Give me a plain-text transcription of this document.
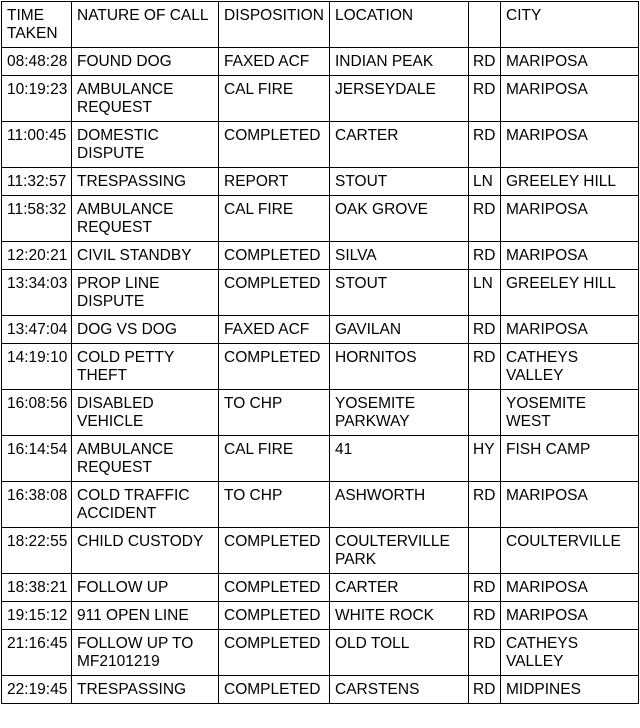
TIME
TAKEN	NATURE OF CALL	DISPOSITION	LOCATION		CITY
08:48:28	FOUND DOG	FAXED ACF	INDIAN PEAK	RD	MARIPOSA
10:19:23	AMBULANCE
REQUEST	CAL FIRE	JERSEYDALE	RD	MARIPOSA
11:00:45	DOMESTIC
DISPUTE	COMPLETED	CARTER	RD	MARIPOSA
11:32:57	TRESPASSING	REPORT	STOUT	LN	GREELEY HILL
11:58:32	AMBULANCE
REQUEST	CAL FIRE	OAK GROVE	RD	MARIPOSA
12:20:21	CIVIL STANDBY	COMPLETED	SILVA	RD	MARIPOSA
13:34:03	PROP LINE
DISPUTE	COMPLETED	STOUT	LN	GREELEY HILL
13:47:04	DOG VS DOG	FAXED ACF	GAVILAN	RD	MARIPOSA
14:19:10	COLD PETTY
THEFT	COMPLETED	HORNITOS	RD	CATHEYS
VALLEY
16:08:56	DISABLED
VEHICLE	TO CHP	YOSEMITE
PARKWAY		YOSEMITE
WEST
16:14:54	AMBULANCE
REQUEST	CAL FIRE	41	HY	FISH CAMP
16:38:08	COLD TRAFFIC
ACCIDENT	TO CHP	ASHWORTH	RD	MARIPOSA
18:22:55	CHILD CUSTODY	COMPLETED	COULTERVILLE
PARK		COULTERVILLE
18:38:21	FOLLOW UP	COMPLETED	CARTER	RD	MARIPOSA
19:15:12	911 OPEN LINE	COMPLETED	WHITE ROCK	RD	MARIPOSA
21:16:45	FOLLOW UP TO
MF2101219	COMPLETED	OLD TOLL	RD	CATHEYS
VALLEY
22:19:45	TRESPASSING	COMPLETED	CARSTENS	RD	MIDPINES
